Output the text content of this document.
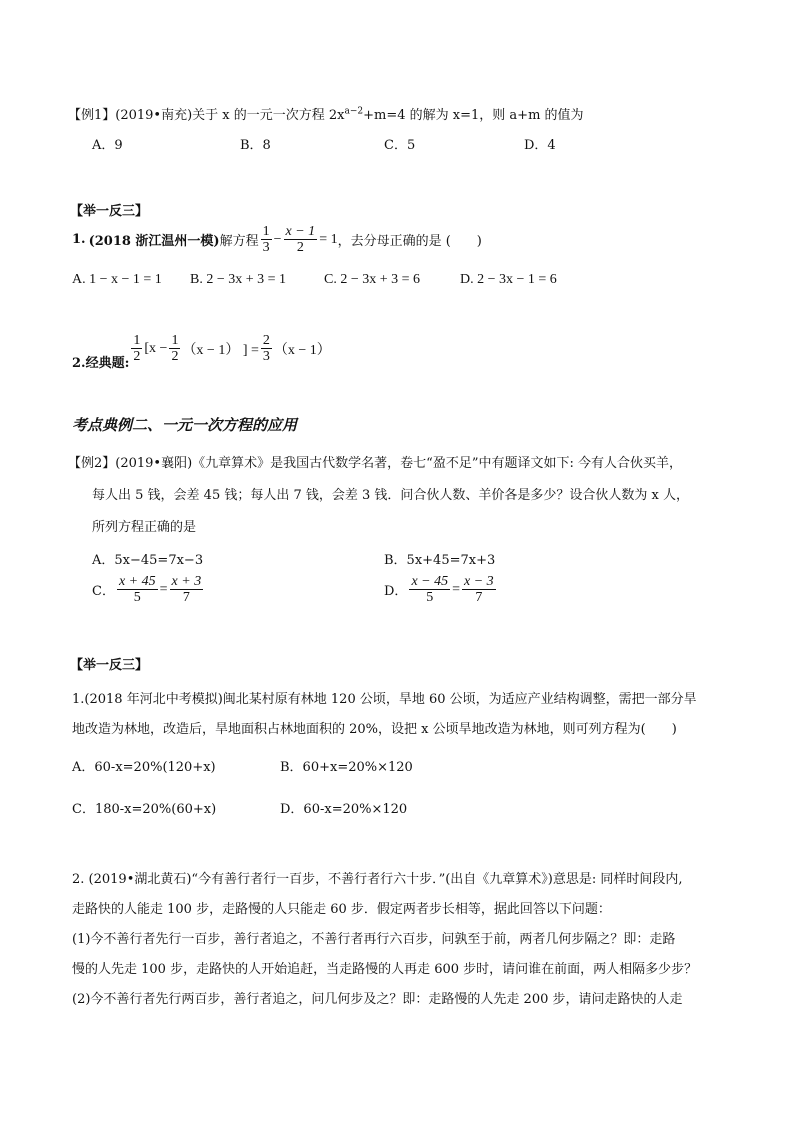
【例1】(2019•南充)关于 x 的一元一次方程 $2x^{a-2}+m=4$ 的解为 x=1，则 a+m 的值为
A．9	B．8	C．5	D．4
【举一反三】
1. (2018 浙江温州一模) 解方程 $\frac{1}{3} - \frac{x - 1}{2} = 1$ ，去分母正确的是 (　　)
A. 1 − x − 1 = 1 B. 2 − 3x + 3 = 1	C. 2 − 3x + 3 = 6	D. 2 − 3x − 1 = 6
2.经典题: $\frac{1}{2} [x - \frac{1}{2} (x - 1)$ ] = $\frac{2}{3} (x - 1)$
考点典例二、一元一次方程的应用
【例2】(2019•襄阳)《九章算术》是我国古代数学名著，卷七“盈不足”中有题译文如下: 今有人合伙买羊，
每人出 5 钱，会差 45 钱；每人出 7 钱，会差 3 钱．问合伙人数、羊价各是多少？设合伙人数为 x 人，
所列方程正确的是
A．5x−45=7x−3	B．5x+45=7x+3
C． $\frac{x + 45}{5} = \frac{x + 3}{7}$	D． $\frac{x - 45}{5} = \frac{x - 3}{7}$
【举一反三】
1.(2018 年河北中考模拟)闽北某村原有林地 120 公顷，旱地 60 公顷，为适应产业结构调整，需把一部分旱
地改造为林地，改造后，旱地面积占林地面积的 20%，设把 x 公顷旱地改造为林地，则可列方程为(　　)
A．60-x=20%(120+x)	B．60+x=20%×120
C．180-x=20%(60+x)	D．60-x=20%×120
2. (2019•湖北黄石)“今有善行者行一百步，不善行者行六十步．”(出自《九章算术》)意思是: 同样时间段内,
走路快的人能走 100 步，走路慢的人只能走 60 步．假定两者步长相等，据此回答以下问题：
(1)今不善行者先行一百步，善行者追之，不善行者再行六百步，问孰至于前，两者几何步隔之？即：走路
慢的人先走 100 步，走路快的人开始追赶，当走路慢的人再走 600 步时，请问谁在前面，两人相隔多少步？
(2)今不善行者先行两百步，善行者追之，问几何步及之？即：走路慢的人先走 200 步，请问走路快的人走
